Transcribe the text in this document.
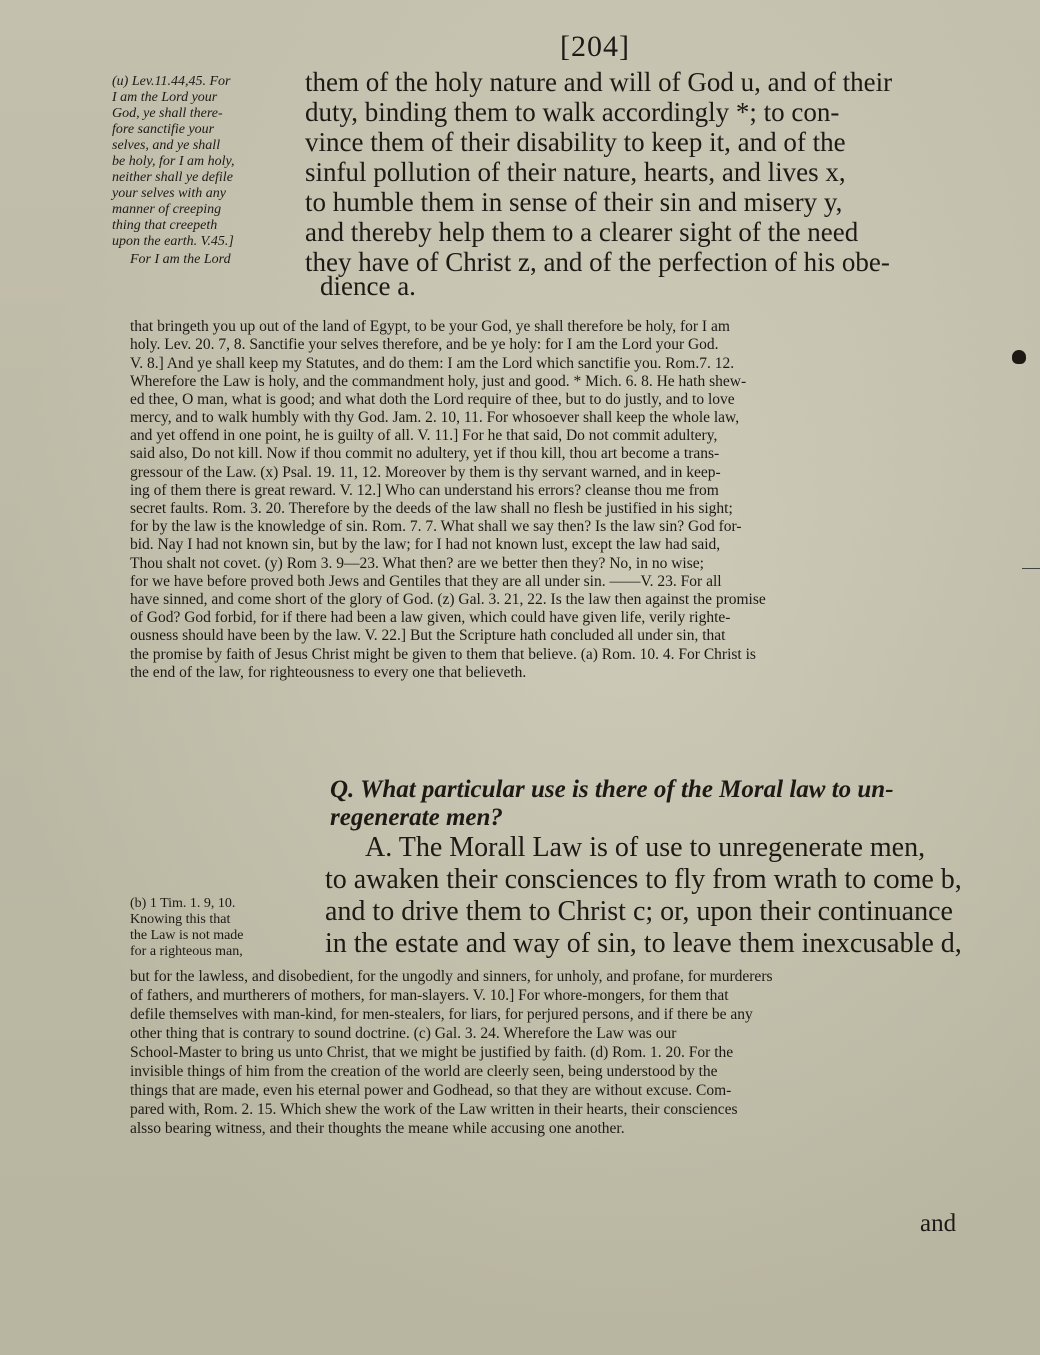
[204]
(u) Lev.11.44,45. For
I am the Lord your
God, ye shall there-
fore sanctifie your
selves, and ye shall
be holy, for I am holy,
neither shall ye defile
your selves with any
manner of creeping
thing that creepeth
upon the earth. V.45.]
For I am the Lord
them of the holy nature and will of God u, and of their
duty, binding them to walk accordingly *; to con-
vince them of their disability to keep it, and of the
sinful pollution of their nature, hearts, and lives x,
to humble them in sense of their sin and misery y,
and thereby help them to a clearer sight of the need
they have of Christ z, and of the perfection of his obe-
dience a.
that bringeth you up out of the land of Egypt, to be your God, ye shall therefore be holy, for I am
holy. Lev. 20. 7, 8. Sanctifie your selves therefore, and be ye holy: for I am the Lord your God.
V. 8.] And ye shall keep my Statutes, and do them: I am the Lord which sanctifie you. Rom.7. 12.
Wherefore the Law is holy, and the commandment holy, just and good. * Mich. 6. 8. He hath shew-
ed thee, O man, what is good; and what doth the Lord require of thee, but to do justly, and to love
mercy, and to walk humbly with thy God. Jam. 2. 10, 11. For whosoever shall keep the whole law,
and yet offend in one point, he is guilty of all. V. 11.] For he that said, Do not commit adultery,
said also, Do not kill. Now if thou commit no adultery, yet if thou kill, thou art become a trans-
gressour of the Law. (x) Psal. 19. 11, 12. Moreover by them is thy servant warned, and in keep-
ing of them there is great reward. V. 12.] Who can understand his errors? cleanse thou me from
secret faults. Rom. 3. 20. Therefore by the deeds of the law shall no flesh be justified in his sight;
for by the law is the knowledge of sin. Rom. 7. 7. What shall we say then? Is the law sin? God for-
bid. Nay I had not known sin, but by the law; for I had not known lust, except the law had said,
Thou shalt not covet. (y) Rom 3. 9—23. What then? are we better then they? No, in no wise;
for we have before proved both Jews and Gentiles that they are all under sin. ——V. 23. For all
have sinned, and come short of the glory of God. (z) Gal. 3. 21, 22. Is the law then against the promise
of God? God forbid, for if there had been a law given, which could have given life, verily righte-
ousness should have been by the law. V. 22.] But the Scripture hath concluded all under sin, that
the promise by faith of Jesus Christ might be given to them that believe. (a) Rom. 10. 4. For Christ is
the end of the law, for righteousness to every one that believeth.
Q. What particular use is there of the Moral law to un-
regenerate men?
A. The Morall Law is of use to unregenerate men,
to awaken their consciences to fly from wrath to come b,
and to drive them to Christ c; or, upon their continuance
in the estate and way of sin, to leave them inexcusable d,
(b) 1 Tim. 1. 9, 10.
Knowing this that
the Law is not made
for a righteous man,
but for the lawless, and disobedient, for the ungodly and sinners, for unholy, and profane, for murderers
of fathers, and murtherers of mothers, for man-slayers. V. 10.] For whore-mongers, for them that
defile themselves with man-kind, for men-stealers, for liars, for perjured persons, and if there be any
other thing that is contrary to sound doctrine. (c) Gal. 3. 24. Wherefore the Law was our
School-Master to bring us unto Christ, that we might be justified by faith. (d) Rom. 1. 20. For the
invisible things of him from the creation of the world are cleerly seen, being understood by the
things that are made, even his eternal power and Godhead, so that they are without excuse. Com-
pared with, Rom. 2. 15. Which shew the work of the Law written in their hearts, their consciences
alsso bearing witness, and their thoughts the meane while accusing one another.
and
